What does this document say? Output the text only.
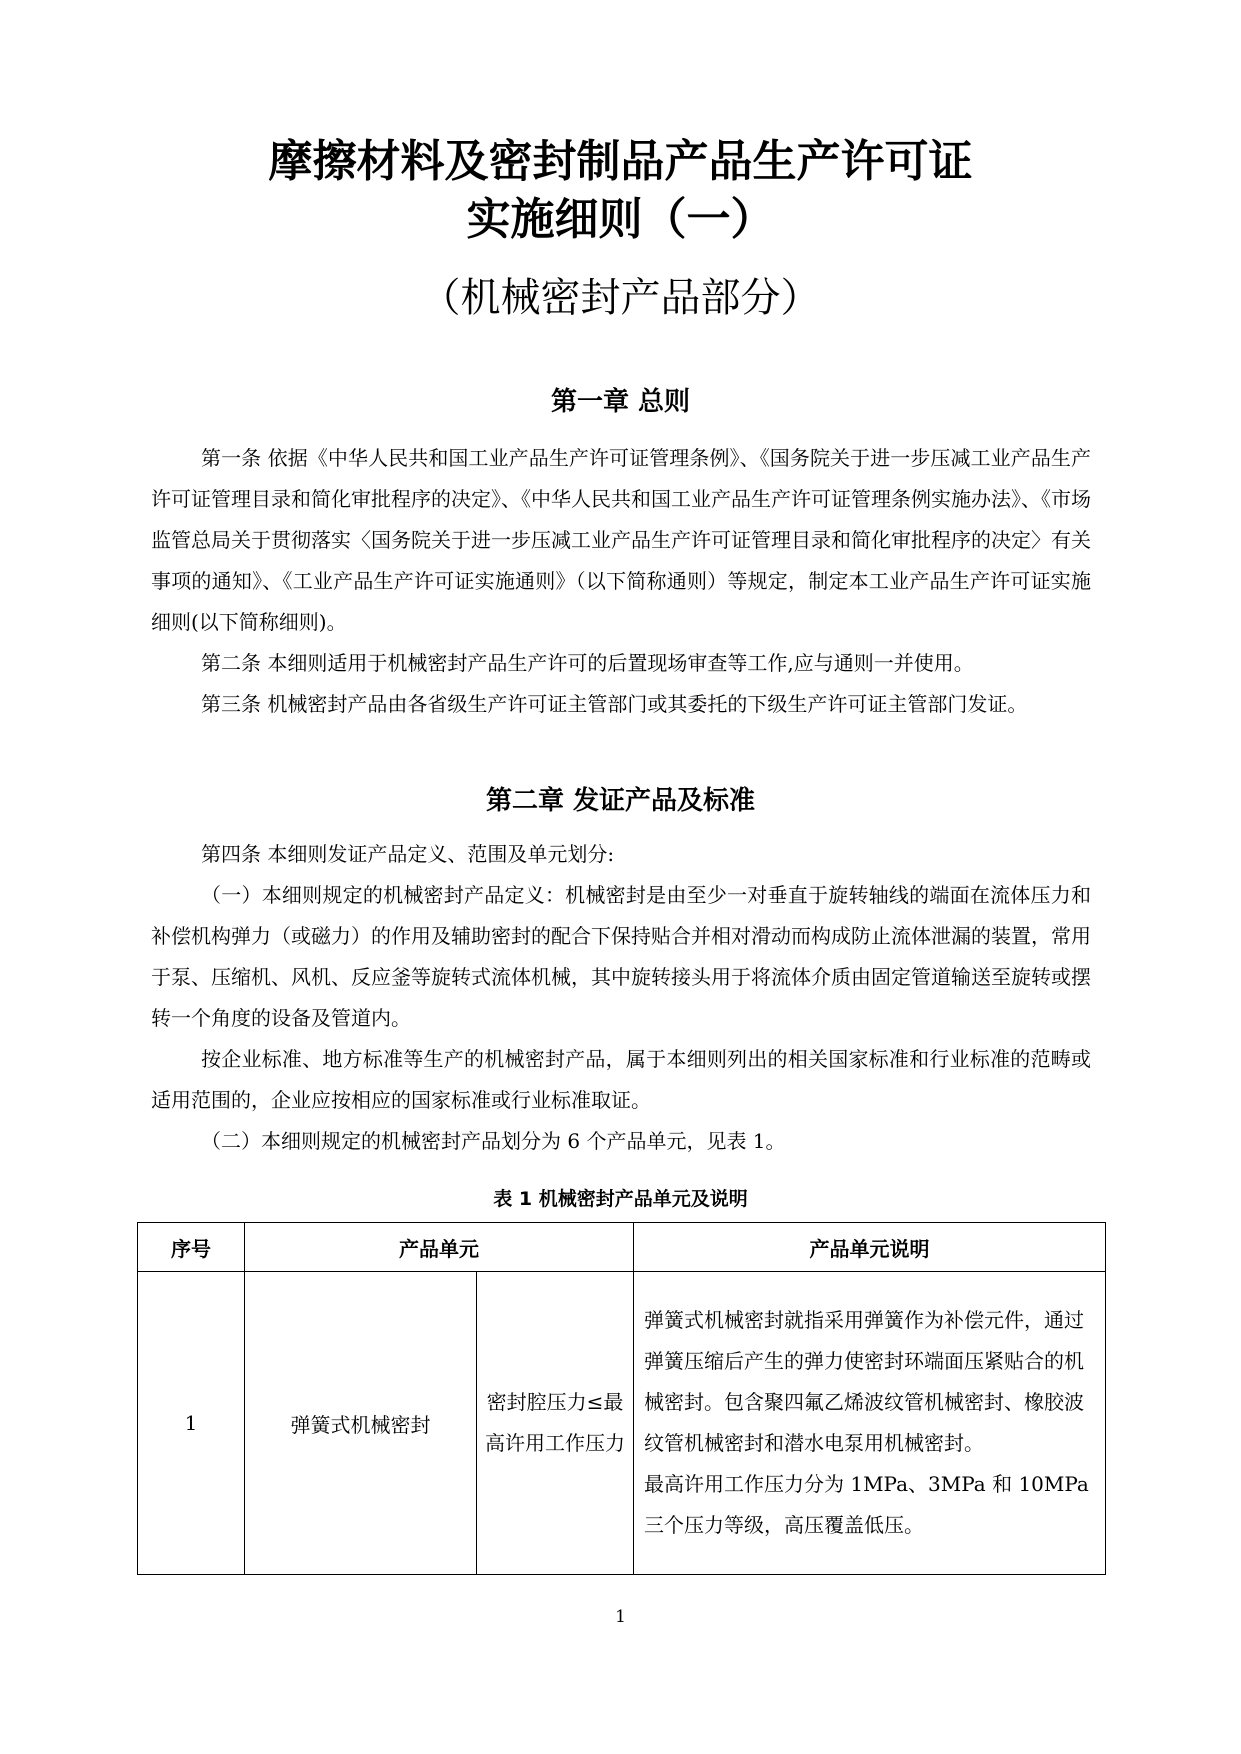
摩擦材料及密封制品产品生产许可证
实施细则（一）
（机械密封产品部分）
第一章 总则
第一条 依据《中华人民共和国工业产品生产许可证管理条例》、《国务院关于进一步压减工业产品生产许可证管理目录和简化审批程序的决定》、《中华人民共和国工业产品生产许可证管理条例实施办法》、《市场监管总局关于贯彻落实〈国务院关于进一步压减工业产品生产许可证管理目录和简化审批程序的决定〉有关事项的通知》、《工业产品生产许可证实施通则》（以下简称通则）等规定，制定本工业产品生产许可证实施细则(以下简称细则)。
第二条 本细则适用于机械密封产品生产许可的后置现场审查等工作,应与通则一并使用。
第三条 机械密封产品由各省级生产许可证主管部门或其委托的下级生产许可证主管部门发证。
第二章 发证产品及标准
第四条 本细则发证产品定义、范围及单元划分:
（一）本细则规定的机械密封产品定义：机械密封是由至少一对垂直于旋转轴线的端面在流体压力和补偿机构弹力（或磁力）的作用及辅助密封的配合下保持贴合并相对滑动而构成防止流体泄漏的装置，常用于泵、压缩机、风机、反应釜等旋转式流体机械，其中旋转接头用于将流体介质由固定管道输送至旋转或摆转一个角度的设备及管道内。
按企业标准、地方标准等生产的机械密封产品，属于本细则列出的相关国家标准和行业标准的范畴或适用范围的，企业应按相应的国家标准或行业标准取证。
（二）本细则规定的机械密封产品划分为 6 个产品单元，见表 1。
表 1 机械密封产品单元及说明
序号	产品单元		产品单元说明
1	弹簧式机械密封	密封腔压力≤最高许用工作压力	弹簧式机械密封就指采用弹簧作为补偿元件，通过弹簧压缩后产生的弹力使密封环端面压紧贴合的机械密封。包含聚四氟乙烯波纹管机械密封、橡胶波纹管机械密封和潜水电泵用机械密封。
最高许用工作压力分为 1MPa、3MPa 和 10MPa 三个压力等级，高压覆盖低压。
1
